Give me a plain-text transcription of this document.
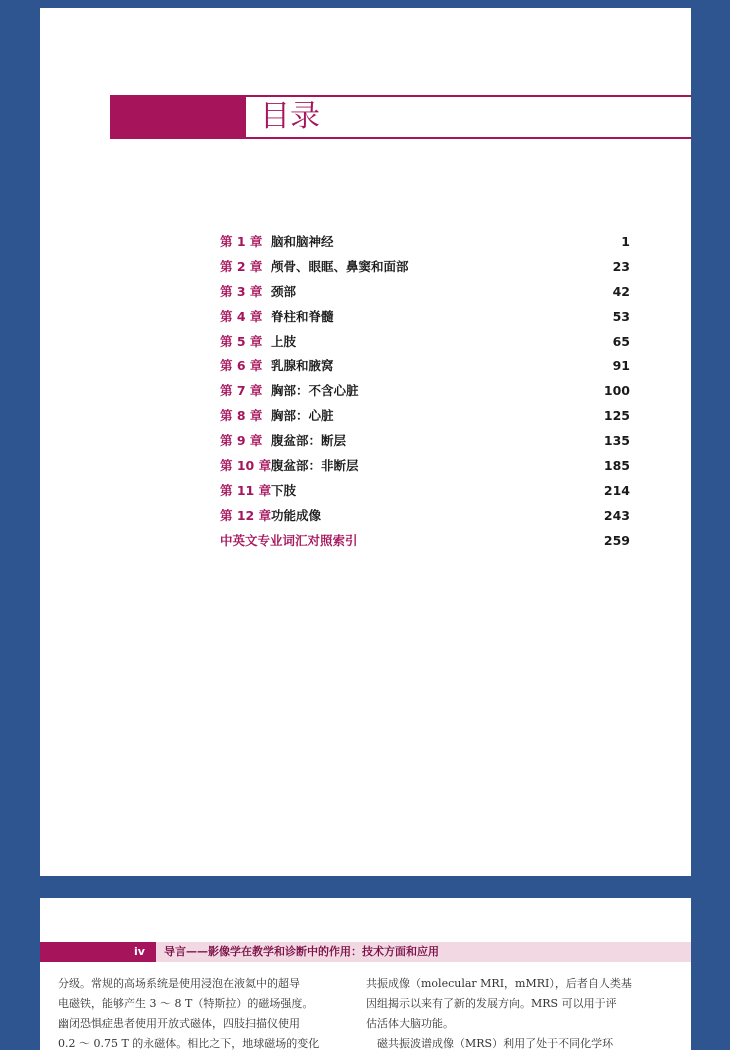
目录
第 1 章 脑和脑神经	1
第 2 章 颅骨、眼眶、鼻窦和面部	23
第 3 章 颈部	42
第 4 章 脊柱和脊髓	53
第 5 章 上肢	65
第 6 章 乳腺和腋窝	91
第 7 章 胸部：不含心脏	100
第 8 章 胸部：心脏	125
第 9 章 腹盆部：断层	135
第 10 章 腹盆部：非断层	185
第 11 章 下肢	214
第 12 章 功能成像	243
中英文专业词汇对照索引	259
iv 导言——影像学在教学和诊断中的作用：技术方面和应用
分级。常规的高场系统是使用浸泡在液氦中的超导
电磁铁，能够产生 3 ～ 8 T（特斯拉）的磁场强度。
幽闭恐惧症患者使用开放式磁体，四肢扫描仪使用
0.2 ～ 0.75 T 的永磁体。相比之下，地球磁场的变化
共振成像（molecular MRI，mMRI），后者自人类基
因组揭示以来有了新的发展方向。MRS 可以用于评
估活体大脑功能。
　磁共振波谱成像（MRS）利用了处于不同化学环
